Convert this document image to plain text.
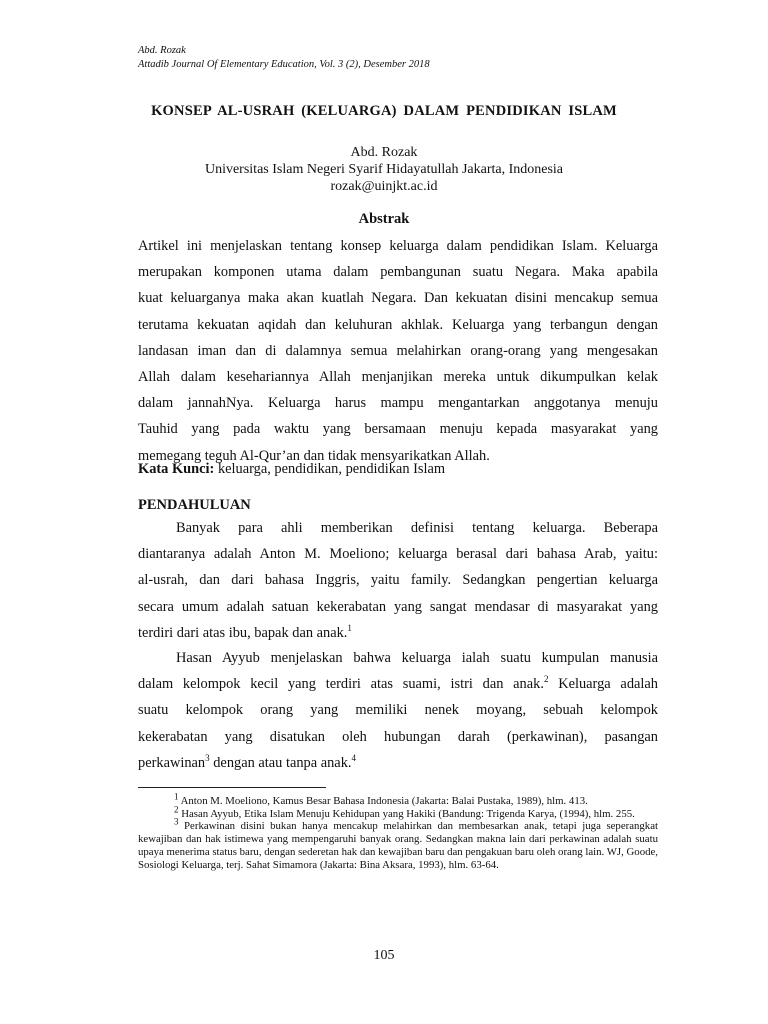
Abd. Rozak
Attadib Journal Of Elementary Education, Vol. 3 (2), Desember 2018
KONSEP AL-USRAH (KELUARGA) DALAM PENDIDIKAN ISLAM
Abd. Rozak
Universitas Islam Negeri Syarif Hidayatullah Jakarta, Indonesia
rozak@uinjkt.ac.id
Abstrak
Artikel ini menjelaskan tentang konsep keluarga dalam pendidikan Islam. Keluarga
merupakan komponen utama dalam pembangunan suatu Negara. Maka apabila
kuat keluarganya maka akan kuatlah Negara. Dan kekuatan disini mencakup semua
terutama kekuatan aqidah dan keluhuran akhlak. Keluarga yang terbangun dengan
landasan iman dan di dalamnya semua melahirkan orang-orang yang mengesakan
Allah dalam kesehariannya Allah menjanjikan mereka untuk dikumpulkan kelak
dalam jannahNya. Keluarga harus mampu mengantarkan anggotanya menuju
Tauhid yang pada waktu yang bersamaan menuju kepada masyarakat yang
memegang teguh Al-Qur’an dan tidak mensyarikatkan Allah.
Kata Kunci: keluarga, pendidikan, pendidikan Islam
PENDAHULUAN
Banyak para ahli memberikan definisi tentang keluarga. Beberapa
diantaranya adalah Anton M. Moeliono; keluarga berasal dari bahasa Arab, yaitu:
al-usrah, dan dari bahasa Inggris, yaitu family. Sedangkan pengertian keluarga
secara umum adalah satuan kekerabatan yang sangat mendasar di masyarakat yang
terdiri dari atas ibu, bapak dan anak.$^1$
Hasan Ayyub menjelaskan bahwa keluarga ialah suatu kumpulan manusia
dalam kelompok kecil yang terdiri atas suami, istri dan anak.$^2$ Keluarga adalah
suatu kelompok orang yang memiliki nenek moyang, sebuah kelompok
kekerabatan yang disatukan oleh hubungan darah (perkawinan), pasangan
perkawinan$^3$ dengan atau tanpa anak.$^4$

$^1$ Anton M. Moeliono, Kamus Besar Bahasa Indonesia (Jakarta: Balai Pustaka, 1989), hlm. 413.

$^2$ Hasan Ayyub, Etika Islam Menuju Kehidupan yang Hakiki (Bandung: Trigenda Karya, (1994), hlm. 255.

$^3$ Perkawinan disini bukan hanya mencakup melahirkan dan membesarkan anak, tetapi juga seperangkat kewajiban dan hak istimewa yang mempengaruhi banyak orang. Sedangkan makna lain dari perkawinan adalah suatu upaya menerima status baru, dengan sederetan hak dan kewajiban baru dan pengakuan baru oleh orang lain. WJ, Goode, Sosiologi Keluarga, terj. Sahat Simamora (Jakarta: Bina Aksara, 1993), hlm. 63-64.

105
